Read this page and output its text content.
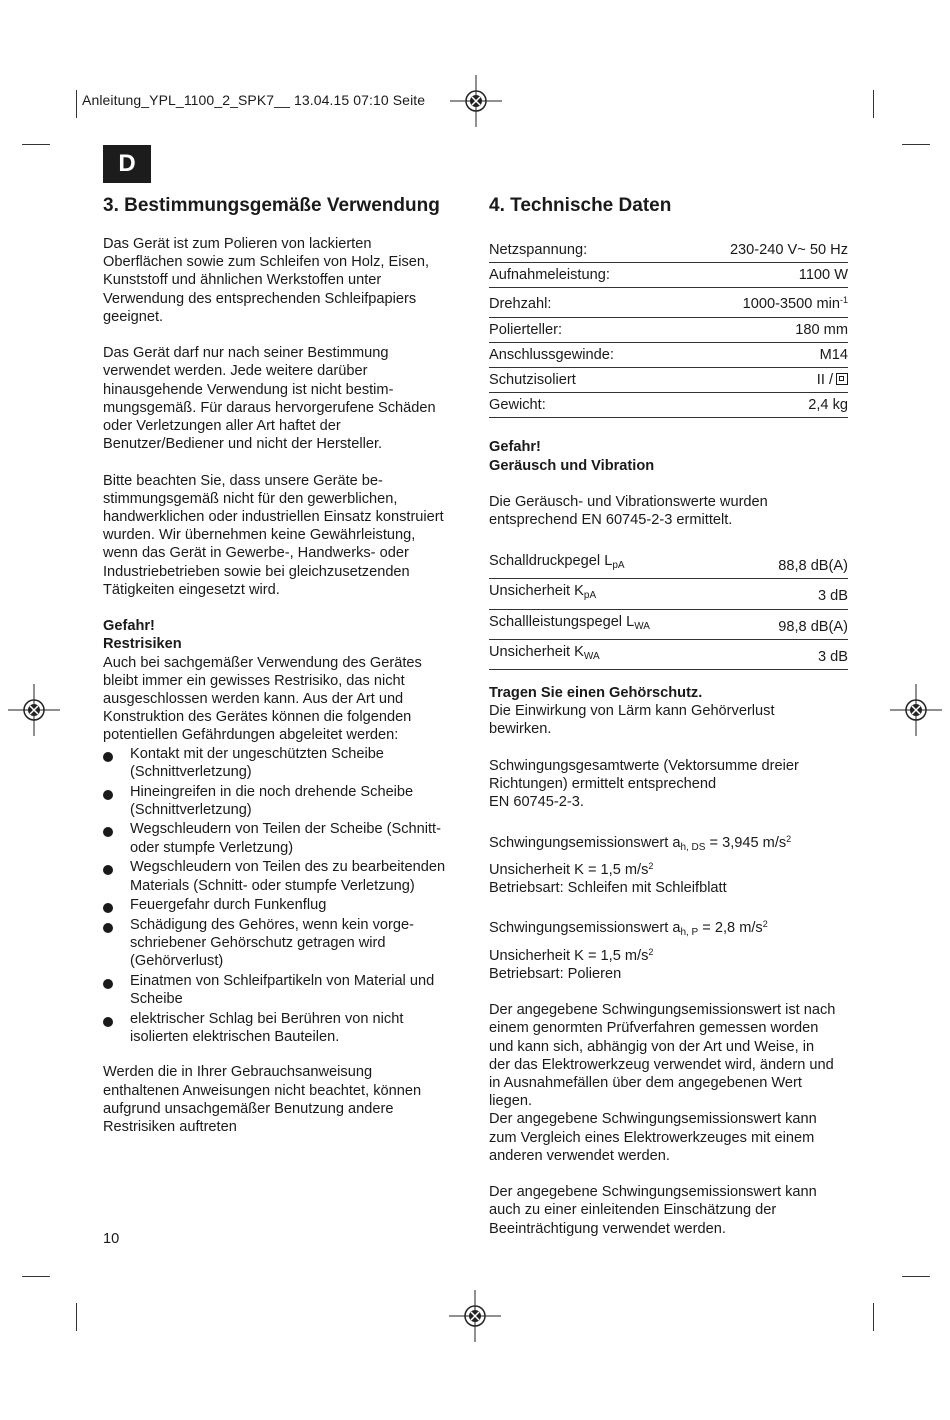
Anleitung_YPL_1100_2_SPK7__ 13.04.15 07:10 Seite
D
3. Bestimmungsgemäße Verwendung

Das Gerät ist zum Polieren von lackierten
Oberflächen sowie zum Schleifen von Holz, Eisen,
Kunststoff und ähnlichen Werkstoffen unter
Verwendung des entsprechenden Schleifpapiers
geeignet.

Das Gerät darf nur nach seiner Bestimmung
verwendet werden. Jede weitere darüber
hinausgehende Verwendung ist nicht bestim-
mungsgemäß. Für daraus hervorgerufene Schäden
oder Verletzungen aller Art haftet der
Benutzer/Bediener und nicht der Hersteller.

Bitte beachten Sie, dass unsere Geräte be-
stimmungsgemäß nicht für den gewerblichen,
handwerklichen oder industriellen Einsatz konstruiert
wurden. Wir übernehmen keine Gewährleistung,
wenn das Gerät in Gewerbe-, Handwerks- oder
Industriebetrieben sowie bei gleichzusetzenden
Tätigkeiten eingesetzt wird.

Gefahr!
Restrisiken
Auch bei sachgemäßer Verwendung des Gerätes
bleibt immer ein gewisses Restrisiko, das nicht
ausgeschlossen werden kann. Aus der Art und
Konstruktion des Gerätes können die folgenden
potentiellen Gefährdungen abgeleitet werden:
Kontakt mit der ungeschützten Scheibe
(Schnittverletzung)
Hineingreifen in die noch drehende Scheibe
(Schnittverletzung)
Wegschleudern von Teilen der Scheibe (Schnitt-
oder stumpfe Verletzung)
Wegschleudern von Teilen des zu bearbeitenden
Materials (Schnitt- oder stumpfe Verletzung)
Feuergefahr durch Funkenflug
Schädigung des Gehöres, wenn kein vorge-
schriebener Gehörschutz getragen wird
(Gehörverlust)
Einatmen von Schleifpartikeln von Material und
Scheibe
elektrischer Schlag bei Berühren von nicht
isolierten elektrischen Bauteilen.

Werden die in Ihrer Gebrauchsanweisung
enthaltenen Anweisungen nicht beachtet, können
aufgrund unsachgemäßer Benutzung andere
Restrisiken auftreten

4. Technische Daten
Netzspannung:	230-240 V~ 50 Hz
Aufnahmeleistung:	1100 W
Drehzahl:	1000-3500 $\min^{-1}$
Polierteller:	180 mm
Anschlussgewinde:	M14
Schutzisoliert	II /
Gewicht:	2,4 kg
Gefahr!
Geräusch und Vibration

Die Geräusch- und Vibrationswerte wurden
entsprechend EN 60745-2-3 ermittelt.

Schalldruckpegel $L_{pA}$	88,8 dB(A)
Unsicherheit $K_{pA}$	3 dB
Schallleistungspegel $L_{WA}$	98,8 dB(A)
Unsicherheit $K_{WA}$	3 dB
Tragen Sie einen Gehörschutz.

Die Einwirkung von Lärm kann Gehörverlust
bewirken.

Schwingungsgesamtwerte (Vektorsumme dreier
Richtungen) ermittelt entsprechend
EN 60745-2-3.

Schwingungsemissionswert $a_{h, DS} = 3,945$ $m/s^2$
Unsicherheit K = 1,5 $m/s^2$
Betriebsart: Schleifen mit Schleifblatt
Schwingungsemissionswert $a_{h, P} = 2,8$ $m/s^2$
Unsicherheit K = 1,5 $m/s^2$
Betriebsart: Polieren

Der angegebene Schwingungsemissionswert ist nach
einem genormten Prüfverfahren gemessen worden
und kann sich, abhängig von der Art und Weise, in
der das Elektrowerkzeug verwendet wird, ändern und
in Ausnahmefällen über dem angegebenen Wert
liegen.
Der angegebene Schwingungsemissionswert kann
zum Vergleich eines Elektrowerkzeuges mit einem
anderen verwendet werden.

Der angegebene Schwingungsemissionswert kann
auch zu einer einleitenden Einschätzung der
Beeinträchtigung verwendet werden.

10
